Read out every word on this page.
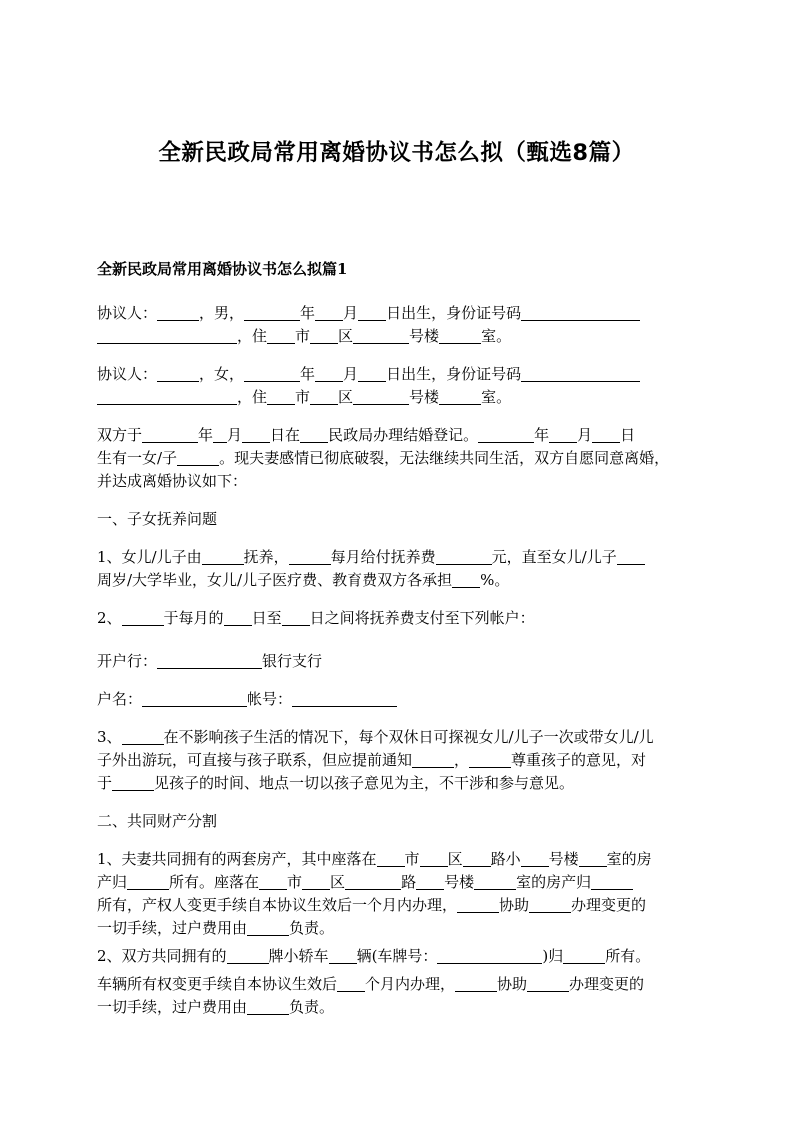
全新民政局常用离婚协议书怎么拟（甄选8篇）
全新民政局常用离婚协议书怎么拟篇1
协议人：	，男，	年 月 日出生，身份证号码
，住 市 区	号楼	室。
协议人：	，女，	年 月 日出生，身份证号码
，住 市 区	号楼	室。
双方于	年 月 日在 民政局办理结婚登记。	年 月 日
生有一女/子	。现夫妻感情已彻底破裂，无法继续共同生活，双方自愿同意离婚，
并达成离婚协议如下：
一、子女抚养问题
1、女儿/儿子由	抚养，	每月给付抚养费	元，直至女儿/儿子
周岁/大学毕业，女儿/儿子医疗费、教育费双方各承担 %。
2、	于每月的 日至 日之间将抚养费支付至下列帐户：
开户行：	银行支行
户名：	帐号：
3、	在不影响孩子生活的情况下，每个双休日可探视女儿/儿子一次或带女儿/儿
子外出游玩，可直接与孩子联系，但应提前通知	，	尊重孩子的意见，对
于	见孩子的时间、地点一切以孩子意见为主，不干涉和参与意见。
二、共同财产分割
1、夫妻共同拥有的两套房产，其中座落在 市 区 路小 号楼 室的房
产归	所有。座落在 市 区	路 号楼	室的房产归
所有，产权人变更手续自本协议生效后一个月内办理，	协助	办理变更的
一切手续，过户费用由	负责。
2、双方共同拥有的	牌小轿车 辆(车牌号：	)归	所有。
车辆所有权变更手续自本协议生效后 个月内办理，	协助	办理变更的
一切手续，过户费用由	负责。
